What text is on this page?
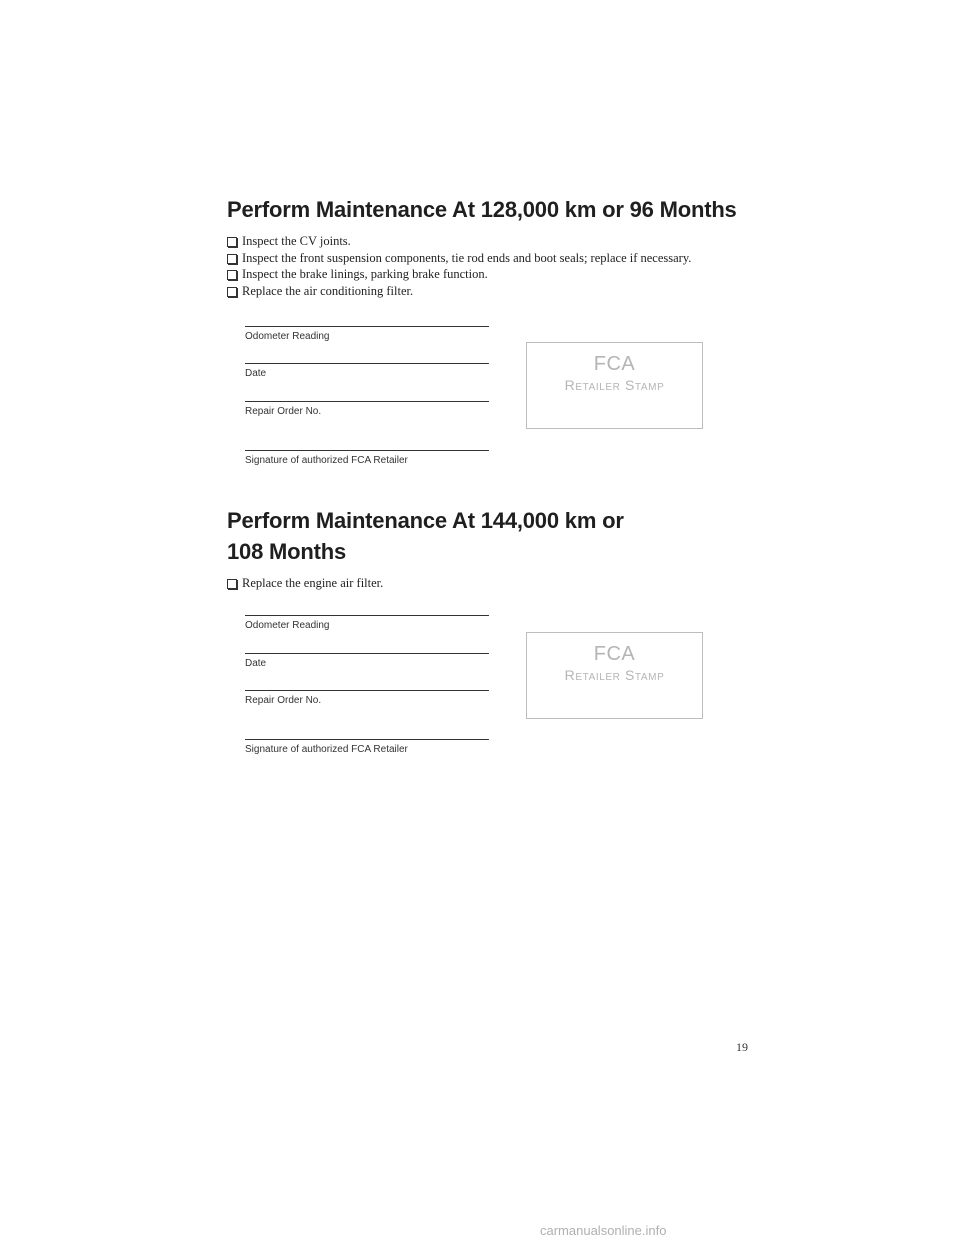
Perform Maintenance At 128,000 km or 96 Months
Inspect the CV joints.
Inspect the front suspension components, tie rod ends and boot seals; replace if necessary.
Inspect the brake linings, parking brake function.
Replace the air conditioning filter.
Odometer Reading
Date
Repair Order No.
Signature of authorized FCA Retailer
FCA
Retailer Stamp
Perform Maintenance At 144,000 km or
108 Months
Replace the engine air filter.
Odometer Reading
Date
Repair Order No.
Signature of authorized FCA Retailer
FCA
Retailer Stamp
19
carmanualsonline.info
